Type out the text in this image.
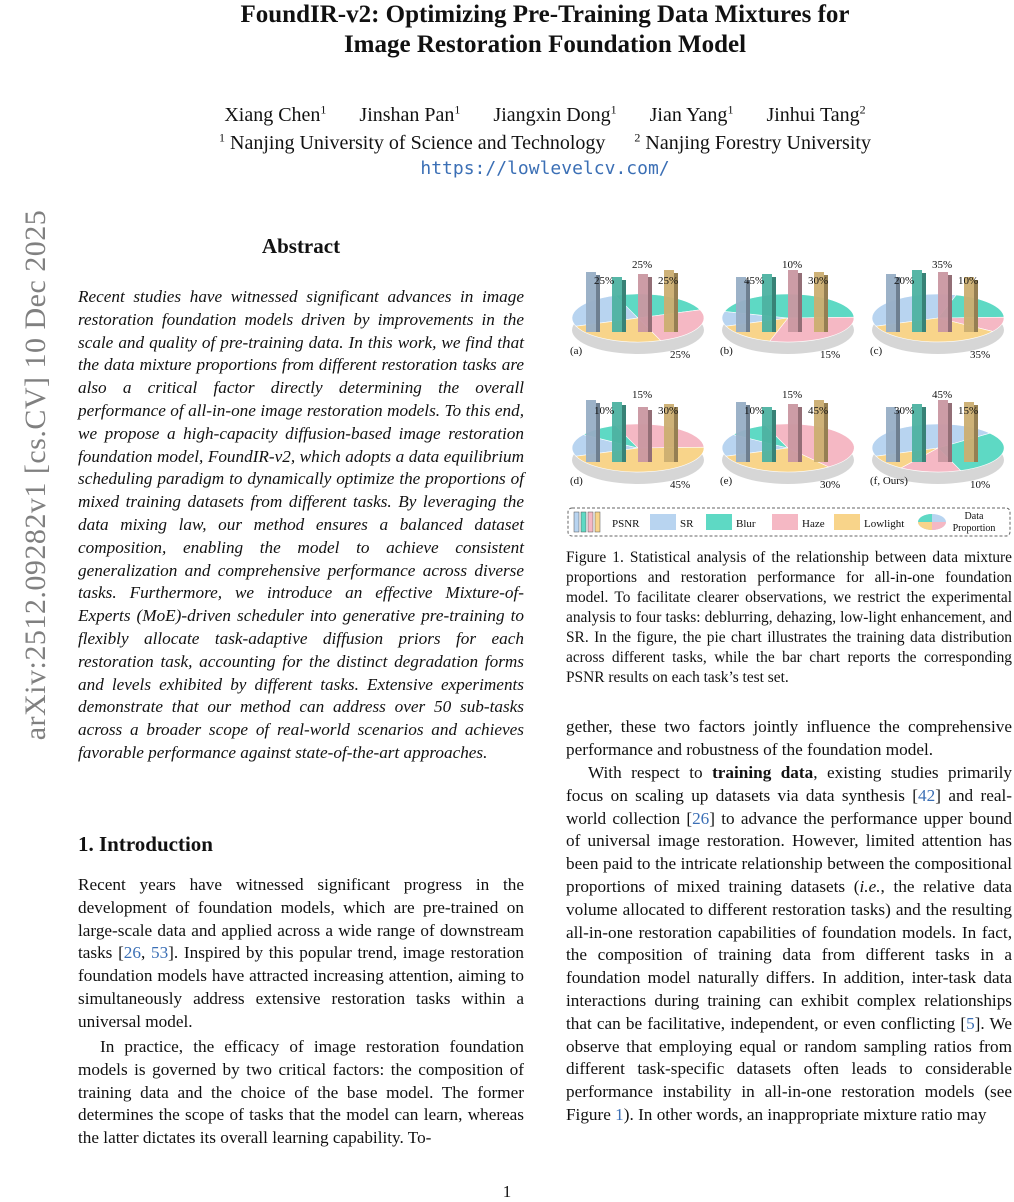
arXiv:2512.09282v1 [cs.CV] 10 Dec 2025
FoundIR-v2: Optimizing Pre-Training Data Mixtures for
Image Restoration Foundation Model
Xiang Chen$^1$ Jinshan Pan$^1$ Jiangxin Dong$^1$ Jian Yang$^1$ Jinhui Tang$^2$
$^1$ Nanjing University of Science and Technology $^2$ Nanjing Forestry University
https://lowlevelcv.com/
Abstract
Recent studies have witnessed significant advances in image restoration foundation models driven by improvements in the scale and quality of pre-training data. In this work, we find that the data mixture proportions from different restoration tasks are also a critical factor directly determining the overall performance of all-in-one image restoration models. To this end, we propose a high-capacity diffusion-based image restoration foundation model, FoundIR-v2, which adopts a data equilibrium scheduling paradigm to dynamically optimize the proportions of mixed training datasets from different tasks. By leveraging the data mixing law, our method ensures a balanced dataset composition, enabling the model to achieve consistent generalization and comprehensive performance across diverse tasks. Furthermore, we introduce an effective Mixture-of-Experts (MoE)-driven scheduler into generative pre-training to flexibly allocate task-adaptive diffusion priors for each restoration task, accounting for the distinct degradation forms and levels exhibited by different tasks. Extensive experiments demonstrate that our method can address over 50 sub-tasks across a broader scope of real-world scenarios and achieves favorable performance against state-of-the-art approaches.
1. Introduction
Recent years have witnessed significant progress in the development of foundation models, which are pre-trained on large-scale data and applied across a wide range of downstream tasks [26, 53]. Inspired by this popular trend, image restoration foundation models have attracted increasing attention, aiming to simultaneously address extensive restoration tasks within a universal model.
In practice, the efficacy of image restoration foundation models is governed by two critical factors: the composition of training data and the choice of the base model. The former determines the scope of tasks that the model can learn, whereas the latter dictates its overall learning capability. To-
25%
25%
25%
25%
(a)
45%
10%
30%
15%
(b)
20%
35%
10%
35%
(c)
10%
15%
30%
45%
(d)
10%
15%
45%
30%
(e)
30%
45%
15%
10%
(f, Ours)
PSNR	SR	Blur	Haze	Lowlight
Data
Proportion
Figure 1. Statistical analysis of the relationship between data mixture proportions and restoration performance for all-in-one foundation model. To facilitate clearer observations, we restrict the experimental analysis to four tasks: deblurring, dehazing, low-light enhancement, and SR. In the figure, the pie chart illustrates the training data distribution across different tasks, while the bar chart reports the corresponding PSNR results on each task’s test set.
gether, these two factors jointly influence the comprehensive performance and robustness of the foundation model.
With respect to training data, existing studies primarily focus on scaling up datasets via data synthesis [42] and real-world collection [26] to advance the performance upper bound of universal image restoration. However, limited attention has been paid to the intricate relationship between the compositional proportions of mixed training datasets (i.e., the relative data volume allocated to different restoration tasks) and the resulting all-in-one restoration capabilities of foundation models. In fact, the composition of training data from different tasks in a foundation model naturally differs. In addition, inter-task data interactions during training can exhibit complex relationships that can be facilitative, independent, or even conflicting [5]. We observe that employing equal or random sampling ratios from different task-specific datasets often leads to considerable performance instability in all-in-one restoration models (see Figure 1). In other words, an inappropriate mixture ratio may
1
